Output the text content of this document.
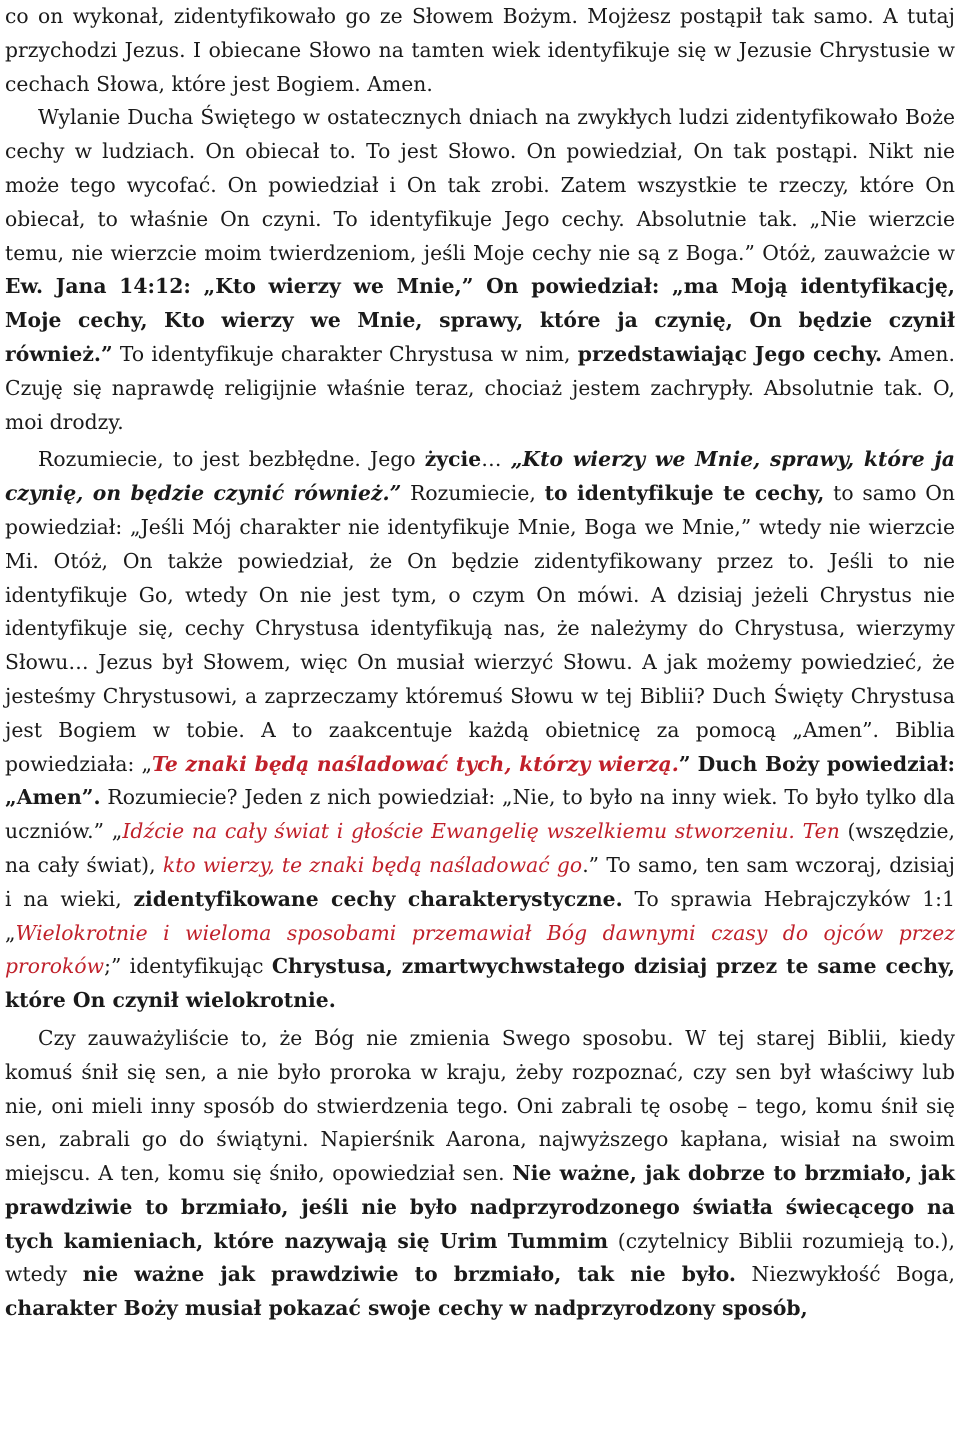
co on wykonał, zidentyfikowało go ze Słowem Bożym. Mojżesz postąpił tak samo. A tutaj przychodzi Jezus. I obiecane Słowo na tamten wiek identyfikuje się w Jezusie Chrystusie w cechach Słowa, które jest Bogiem. Amen.

Wylanie Ducha Świętego w ostatecznych dniach na zwykłych ludzi zidentyfikowało Boże cechy w ludziach. On obiecał to. To jest Słowo. On powiedział, On tak postąpi. Nikt nie może tego wycofać. On powiedział i On tak zrobi. Zatem wszystkie te rzeczy, które On obiecał, to właśnie On czyni. To identyfikuje Jego cechy. Absolutnie tak. „Nie wierzcie temu, nie wierzcie moim twierdzeniom, jeśli Moje cechy nie są z Boga.” Otóż, zauważcie w Ew. Jana 14:12: „Kto wierzy we Mnie,” On powiedział: „ma Moją identyfikację, Moje cechy, Kto wierzy we Mnie, sprawy, które ja czynię, On będzie czynił również.” To identyfikuje charakter Chrystusa w nim, przedstawiając Jego cechy. Amen. Czuję się naprawdę religijnie właśnie teraz, chociaż jestem zachrypły. Absolutnie tak. O, moi drodzy.

Rozumiecie, to jest bezbłędne. Jego życie… „Kto wierzy we Mnie, sprawy, które ja czynię, on będzie czynić również.” Rozumiecie, to identyfikuje te cechy, to samo On powiedział: „Jeśli Mój charakter nie identyfikuje Mnie, Boga we Mnie,” wtedy nie wierzcie Mi. Otóż, On także powiedział, że On będzie zidentyfikowany przez to. Jeśli to nie identyfikuje Go, wtedy On nie jest tym, o czym On mówi. A dzisiaj jeżeli Chrystus nie identyfikuje się, cechy Chrystusa identyfikują nas, że należymy do Chrystusa, wierzymy Słowu… Jezus był Słowem, więc On musiał wierzyć Słowu. A jak możemy powiedzieć, że jesteśmy Chrystusowi, a zaprzeczamy któremuś Słowu w tej Biblii? Duch Święty Chrystusa jest Bogiem w tobie. A to zaakcentuje każdą obietnicę za pomocą „Amen”. Biblia powiedziała: „Te znaki będą naśladować tych, którzy wierzą.” Duch Boży powiedział: „Amen”. Rozumiecie? Jeden z nich powiedział: „Nie, to było na inny wiek. To było tylko dla uczniów.” „Idźcie na cały świat i głoście Ewangelię wszelkiemu stworzeniu. Ten (wszędzie, na cały świat), kto wierzy, te znaki będą naśladować go.” To samo, ten sam wczoraj, dzisiaj i na wieki, zidentyfikowane cechy charakterystyczne. To sprawia Hebrajczyków 1:1 „Wielokrotnie i wieloma sposobami przemawiał Bóg dawnymi czasy do ojców przez proroków;” identyfikując Chrystusa, zmartwychwstałego dzisiaj przez te same cechy, które On czynił wielokrotnie.

Czy zauważyliście to, że Bóg nie zmienia Swego sposobu. W tej starej Biblii, kiedy komuś śnił się sen, a nie było proroka w kraju, żeby rozpoznać, czy sen był właściwy lub nie, oni mieli inny sposób do stwierdzenia tego. Oni zabrali tę osobę – tego, komu śnił się sen, zabrali go do świątyni. Napierśnik Aarona, najwyższego kapłana, wisiał na swoim miejscu. A ten, komu się śniło, opowiedział sen. Nie ważne, jak dobrze to brzmiało, jak prawdziwie to brzmiało, jeśli nie było nadprzyrodzonego światła świecącego na tych kamieniach, które nazywają się Urim Tummim (czytelnicy Biblii rozumieją to.), wtedy nie ważne jak prawdziwie to brzmiało, tak nie było. Niezwykłość Boga, charakter Boży musiał pokazać swoje cechy w nadprzyrodzony sposób,
